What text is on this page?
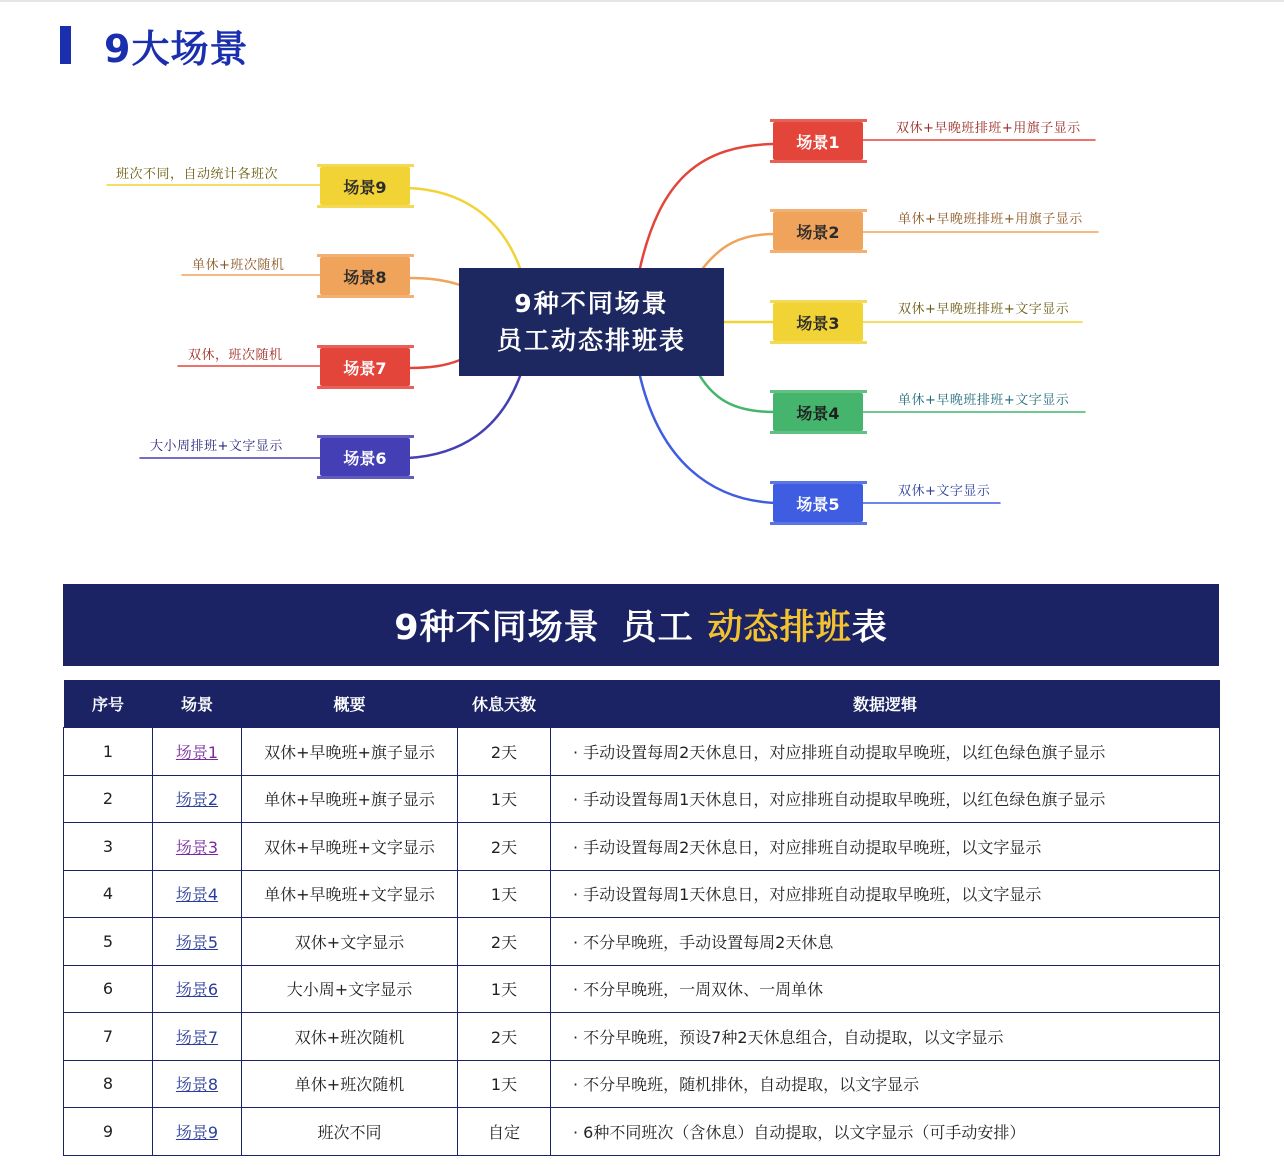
9大场景
9种不同场景
员工动态排班表
场景1
场景2
场景3
场景4
场景5
双休+早晚班排班+用旗子显示
单休+早晚班排班+用旗子显示
双休+早晚班排班+文字显示
单休+早晚班排班+文字显示
双休+文字显示
场景9
场景8
场景7
场景6
班次不同，自动统计各班次
单休+班次随机
双休，班次随机
大小周排班+文字显示
9种不同场景 员工 动态排班 表
序号	场景	概要	休息天数	数据逻辑
1	场景1	双休+早晚班+旗子显示	2天	· 手动设置每周2天休息日，对应排班自动提取早晚班，以红色绿色旗子显示
2	场景2	单休+早晚班+旗子显示	1天	· 手动设置每周1天休息日，对应排班自动提取早晚班，以红色绿色旗子显示
3	场景3	双休+早晚班+文字显示	2天	· 手动设置每周2天休息日，对应排班自动提取早晚班，以文字显示
4	场景4	单休+早晚班+文字显示	1天	· 手动设置每周1天休息日，对应排班自动提取早晚班，以文字显示
5	场景5	双休+文字显示	2天	· 不分早晚班，手动设置每周2天休息
6	场景6	大小周+文字显示	1天	· 不分早晚班，一周双休、一周单休
7	场景7	双休+班次随机	2天	· 不分早晚班，预设7种2天休息组合，自动提取，以文字显示
8	场景8	单休+班次随机	1天	· 不分早晚班，随机排休，自动提取，以文字显示
9	场景9	班次不同	自定	· 6种不同班次（含休息）自动提取，以文字显示（可手动安排）
